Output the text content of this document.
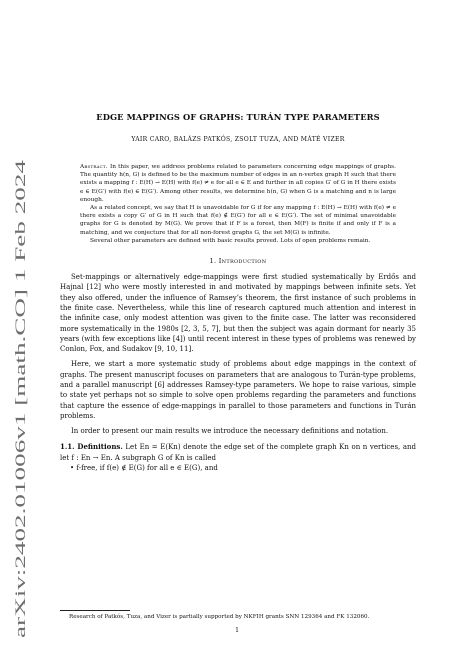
arXiv:2402.01006v1 [math.CO] 1 Feb 2024
EDGE MAPPINGS OF GRAPHS: TURÁN TYPE PARAMETERS
YAIR CARO, BALÁZS PATKÓS, ZSOLT TUZA, AND MÁTÉ VIZER

Abstract. In this paper, we address problems related to parameters concerning edge mappings of graphs. The quantity h(n, G) is defined to be the maximum number of edges in an n-vertex graph H such that there exists a mapping f : E(H) → E(H) with f(e) ≠ e for all e ∈ E and further in all copies G′ of G in H there exists e ∈ E(G′) with f(e) ∈ E(G′). Among other results, we determine h(n, G) when G is a matching and n is large enough.

As a related concept, we say that H is unavoidable for G if for any mapping f : E(H) → E(H) with f(e) ≠ e there exists a copy G′ of G in H such that f(e) ∉ E(G′) for all e ∈ E(G′). The set of minimal unavoidable graphs for G is denoted by M(G). We prove that if F is a forest, then M(F) is finite if and only if F is a matching, and we conjecture that for all non-forest graphs G, the set M(G) is infinite.

Several other parameters are defined with basic results proved. Lots of open problems remain.

1. Introduction

Set-mappings or alternatively edge-mappings were first studied systematically by Erdős and Hajnal [12] who were mostly interested in and motivated by mappings between infinite sets. Yet they also offered, under the influence of Ramsey’s theorem, the first instance of such problems in the finite case. Nevertheless, while this line of research captured much attention and interest in the infinite case, only modest attention was given to the finite case. The latter was reconsidered more systematically in the 1980s [2, 3, 5, 7], but then the subject was again dormant for nearly 35 years (with few exceptions like [4]) until recent interest in these types of problems was renewed by Conlon, Fox, and Sudakov [9, 10, 11].

Here, we start a more systematic study of problems about edge mappings in the context of graphs. The present manuscript focuses on parameters that are analogous to Turán-type problems, and a parallel manuscript [6] addresses Ramsey-type parameters. We hope to raise various, simple to state yet perhaps not so simple to solve open problems regarding the parameters and functions that capture the essence of edge-mappings in parallel to those parameters and functions in Turán problems.

In order to present our main results we introduce the necessary definitions and notation.

1.1. Definitions. Let En = E(Kn) denote the edge set of the complete graph Kn on n vertices, and let f : En → En. A subgraph G of Kn is called
• f-free, if f(e) ∉ E(G) for all e ∈ E(G), and
Research of Patkós, Tuza, and Vizer is partially supported by NKFIH grants SNN 129364 and FK 132060.
1
